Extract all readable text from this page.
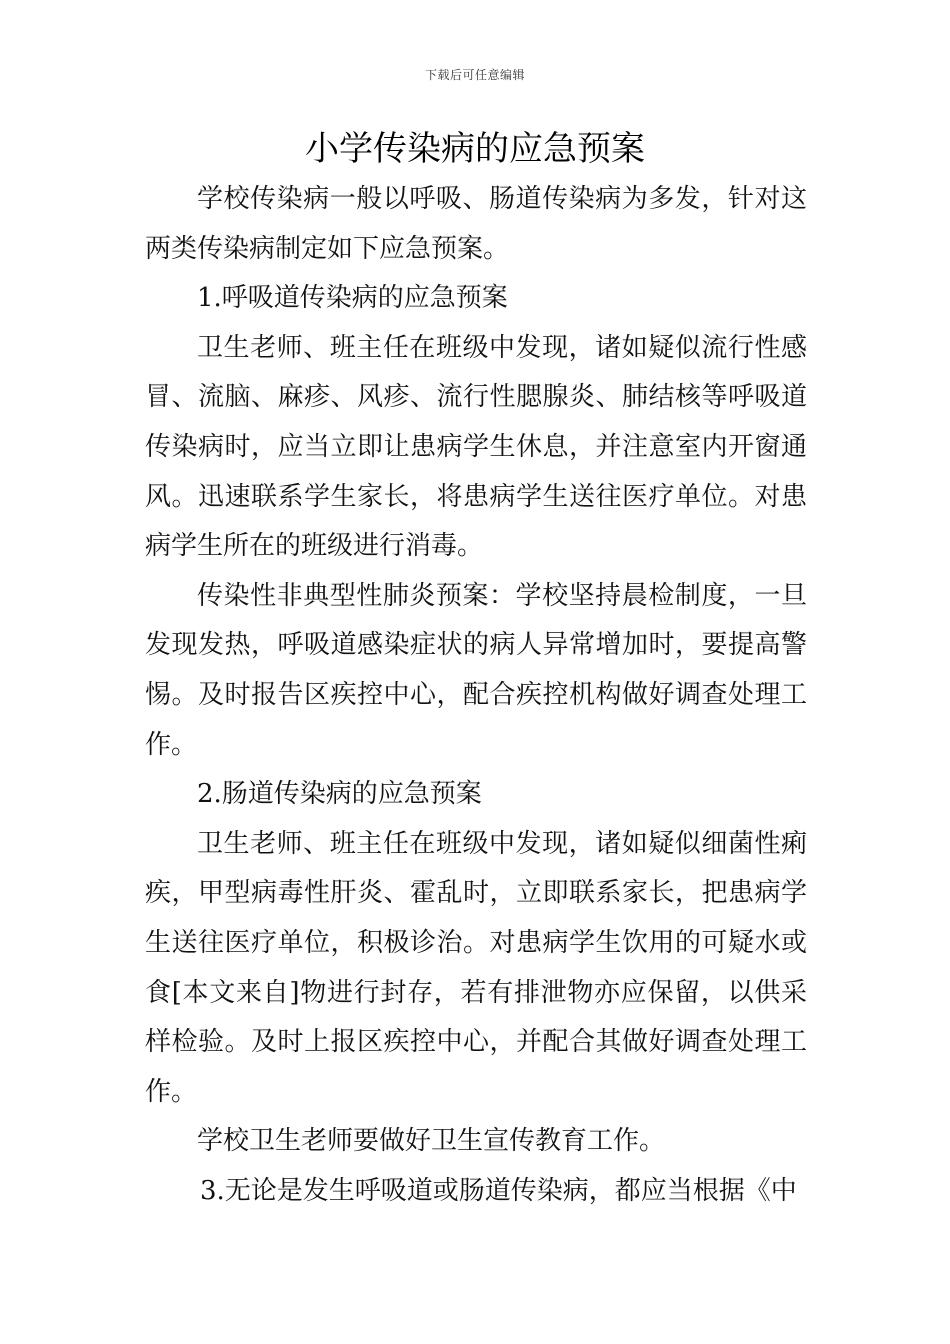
下载后可任意编辑
小学传染病的应急预案

学校传染病一般以呼吸、肠道传染病为多发，针对这两类传染病制定如下应急预案。

1.呼吸道传染病的应急预案

卫生老师、班主任在班级中发现，诸如疑似流行性感冒、流脑、麻疹、风疹、流行性腮腺炎、肺结核等呼吸道传染病时，应当立即让患病学生休息，并注意室内开窗通风。迅速联系学生家长，将患病学生送往医疗单位。对患病学生所在的班级进行消毒。

传染性非典型性肺炎预案：学校坚持晨检制度，一旦发现发热，呼吸道感染症状的病人异常增加时，要提高警惕。及时报告区疾控中心，配合疾控机构做好调查处理工作。

2.肠道传染病的应急预案

卫生老师、班主任在班级中发现，诸如疑似细菌性痢疾，甲型病毒性肝炎、霍乱时，立即联系家长，把患病学生送往医疗单位，积极诊治。对患病学生饮用的可疑水或食[本文来自]物进行封存，若有排泄物亦应保留，以供采样检验。及时上报区疾控中心，并配合其做好调查处理工作。

学校卫生老师要做好卫生宣传教育工作。

3.无论是发生呼吸道或肠道传染病，都应当根据《中
